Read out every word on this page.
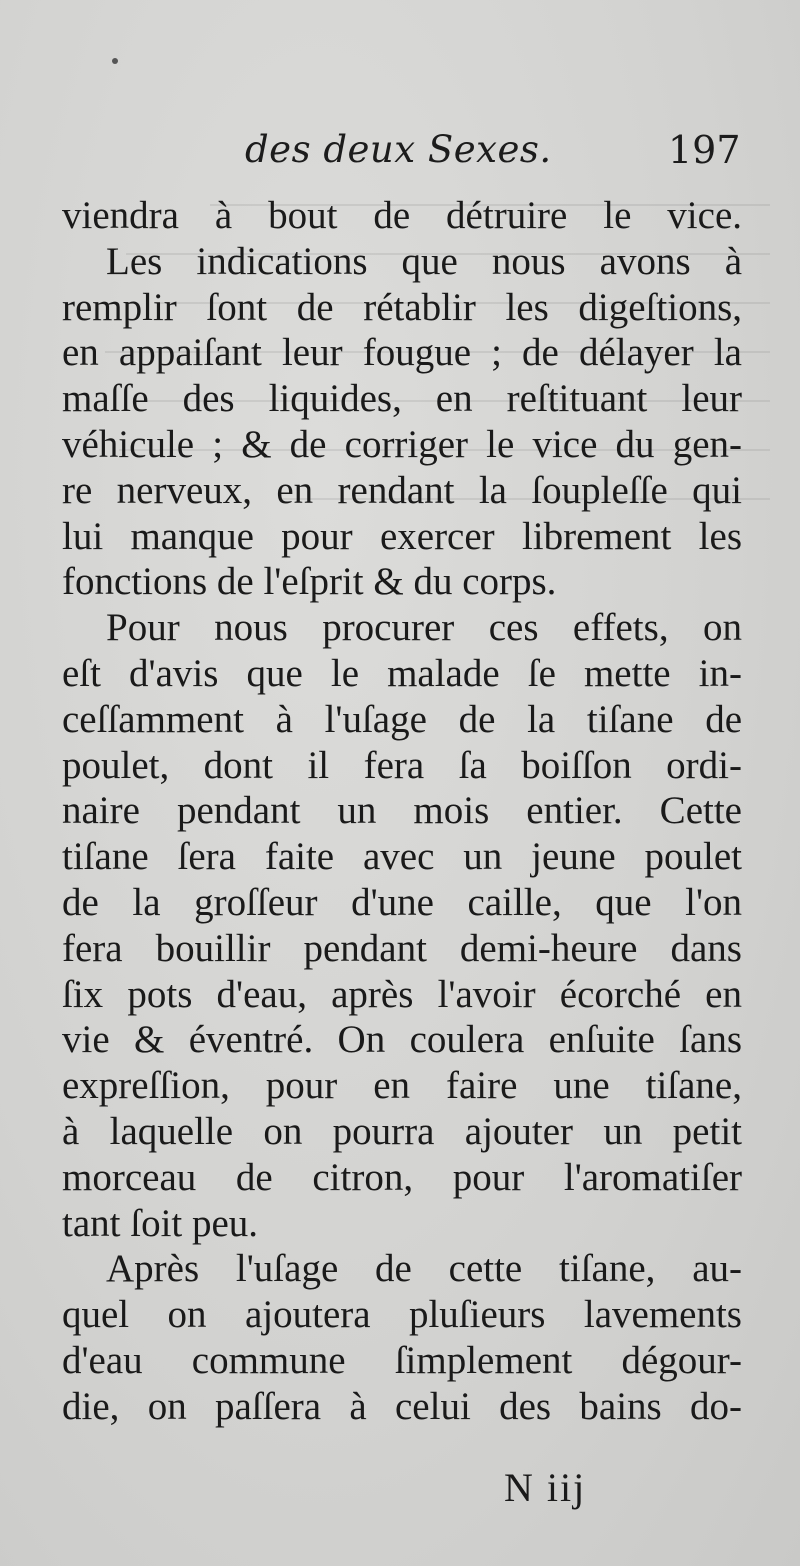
des deux Sexes.	197
viendra à bout de détruire le vice.
Les indications que nous avons à
remplir ſont de rétablir les digeſtions,
en appaiſant leur fougue ; de délayer la
maſſe des liquides, en reſtituant leur
véhicule ; & de corriger le vice du gen-
re nerveux, en rendant la ſoupleſſe qui
lui manque pour exercer librement les
fonctions de l'eſprit & du corps.
Pour nous procurer ces effets, on
eſt d'avis que le malade ſe mette in-
ceſſamment à l'uſage de la tiſane de
poulet, dont il fera ſa boiſſon ordi-
naire pendant un mois entier. Cette
tiſane ſera faite avec un jeune poulet
de la groſſeur d'une caille, que l'on
fera bouillir pendant demi-heure dans
ſix pots d'eau, après l'avoir écorché en
vie & éventré. On coulera enſuite ſans
expreſſion, pour en faire une tiſane,
à laquelle on pourra ajouter un petit
morceau de citron, pour l'aromatiſer
tant ſoit peu.
Après l'uſage de cette tiſane, au-
quel on ajoutera pluſieurs lavements
d'eau commune ſimplement dégour-
die, on paſſera à celui des bains do-
N iij
